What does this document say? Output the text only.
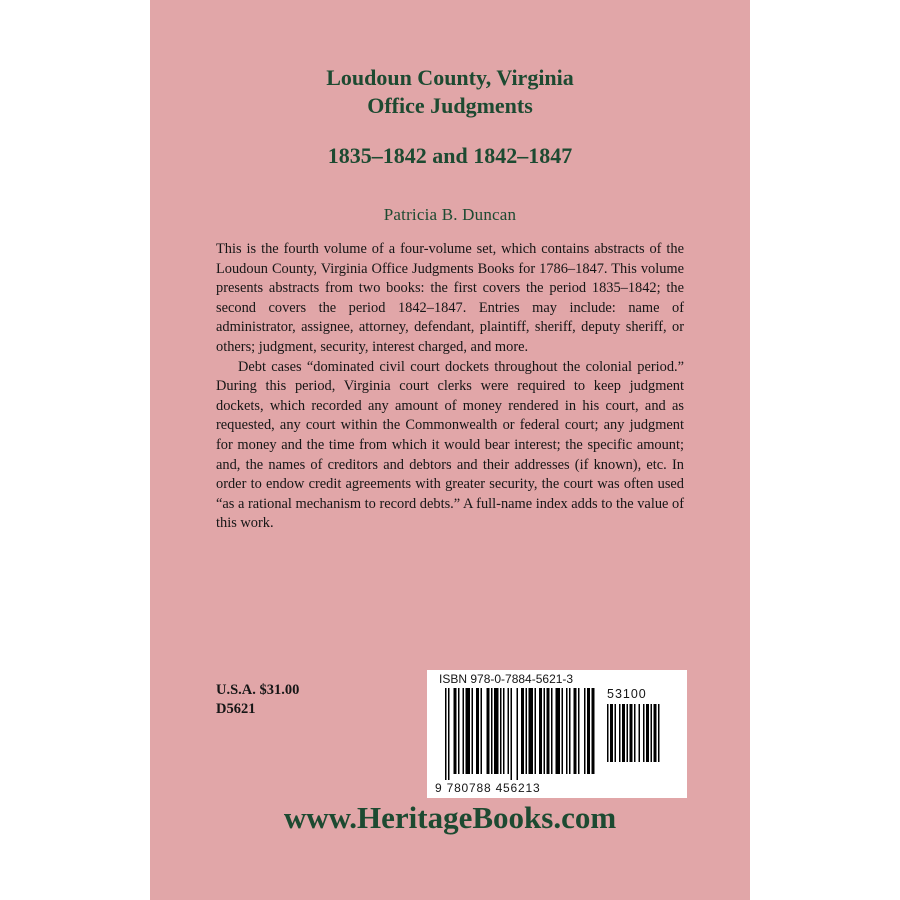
Loudoun County, Virginia
Office Judgments
1835–1842 and 1842–1847
Patricia B. Duncan

This is the fourth volume of a four-volume set, which contains abstracts of the Loudoun County, Virginia Office Judgments Books for 1786–1847. This volume presents abstracts from two books: the first covers the period 1835–1842; the second covers the period 1842–1847. Entries may include: name of administrator, assignee, attorney, defendant, plaintiff, sheriff, deputy sheriff, or others; judgment, security, interest charged, and more.

Debt cases “dominated civil court dockets throughout the colonial period.” During this period, Virginia court clerks were required to keep judgment dockets, which recorded any amount of money rendered in his court, and as requested, any court within the Commonwealth or federal court; any judgment for money and the time from which it would bear interest; the specific amount; and, the names of creditors and debtors and their addresses (if known), etc. In order to endow credit agreements with greater security, the court was often used “as a rational mechanism to record debts.” A full-name index adds to the value of this work.

U.S.A. $31.00
D5621
ISBN 978-0-7884-5621-3
53100
9 780788 456213
www.HeritageBooks.com
